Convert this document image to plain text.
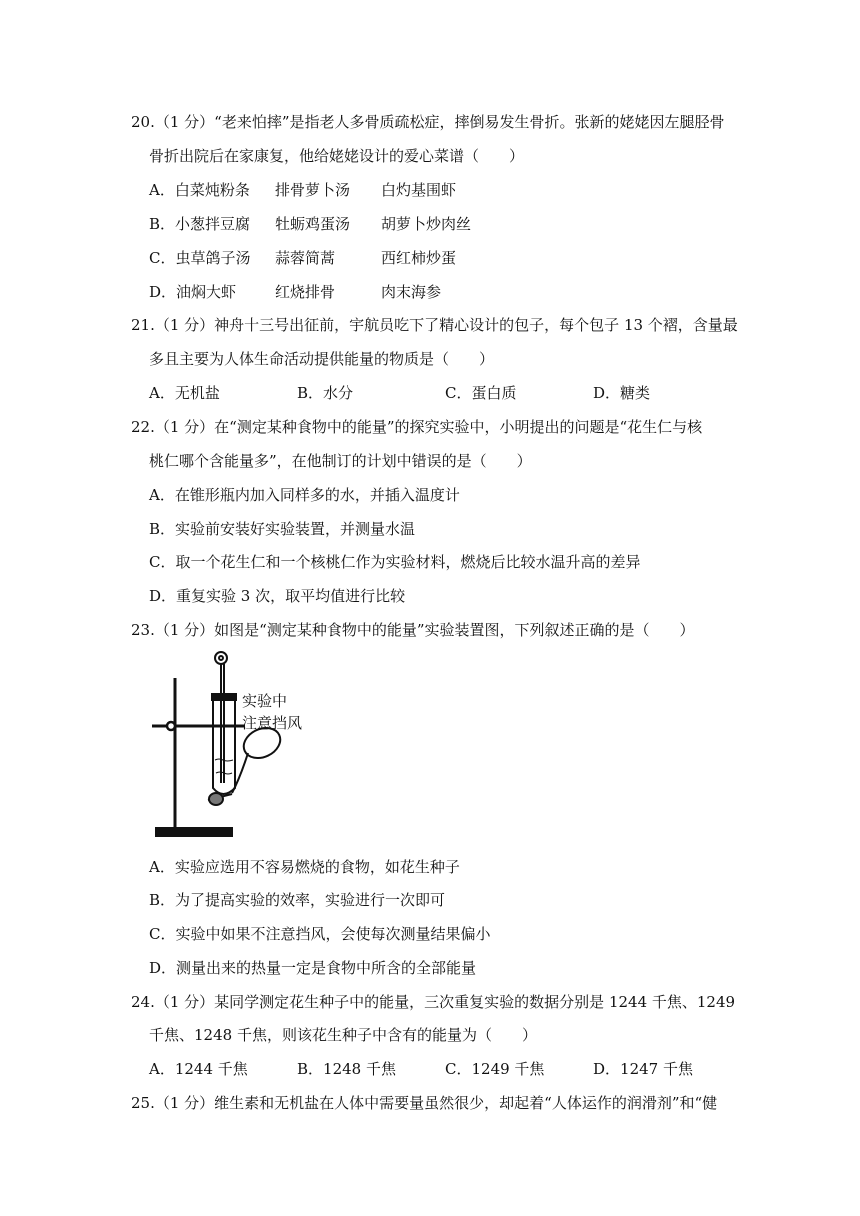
20.（1 分）“老来怕摔”是指老人多骨质疏松症，摔倒易发生骨折。张新的姥姥因左腿胫骨
骨折出院后在家康复，他给姥姥设计的爱心菜谱（　　）
A．白菜炖粉条 排骨萝卜汤 白灼基围虾
B．小葱拌豆腐 牡蛎鸡蛋汤 胡萝卜炒肉丝
C．虫草鸽子汤 蒜蓉简蒿	西红柿炒蛋
D．油焖大虾	红烧排骨	肉末海参
21.（1 分）神舟十三号出征前，宇航员吃下了精心设计的包子，每个包子 13 个褶，含量最
多且主要为人体生命活动提供能量的物质是（　　）
A．无机盐	B．水分	C．蛋白质	D．糖类
22.（1 分）在“测定某种食物中的能量”的探究实验中，小明提出的问题是“花生仁与核
桃仁哪个含能量多”，在他制订的计划中错误的是（　　）
A．在锥形瓶内加入同样多的水，并插入温度计
B．实验前安装好实验装置，并测量水温
C．取一个花生仁和一个核桃仁作为实验材料，燃烧后比较水温升高的差异
D．重复实验 3 次，取平均值进行比较
23.（1 分）如图是“测定某种食物中的能量”实验装置图，下列叙述正确的是（　　）
实验中
注意挡风
A．实验应选用不容易燃烧的食物，如花生种子
B．为了提高实验的效率，实验进行一次即可
C．实验中如果不注意挡风，会使每次测量结果偏小
D．测量出来的热量一定是食物中所含的全部能量
24.（1 分）某同学测定花生种子中的能量，三次重复实验的数据分别是 1244 千焦、1249
千焦、1248 千焦，则该花生种子中含有的能量为（　　）
A．1244 千焦	B．1248 千焦	C．1249 千焦	D．1247 千焦
25.（1 分）维生素和无机盐在人体中需要量虽然很少，却起着“人体运作的润滑剂”和“健
